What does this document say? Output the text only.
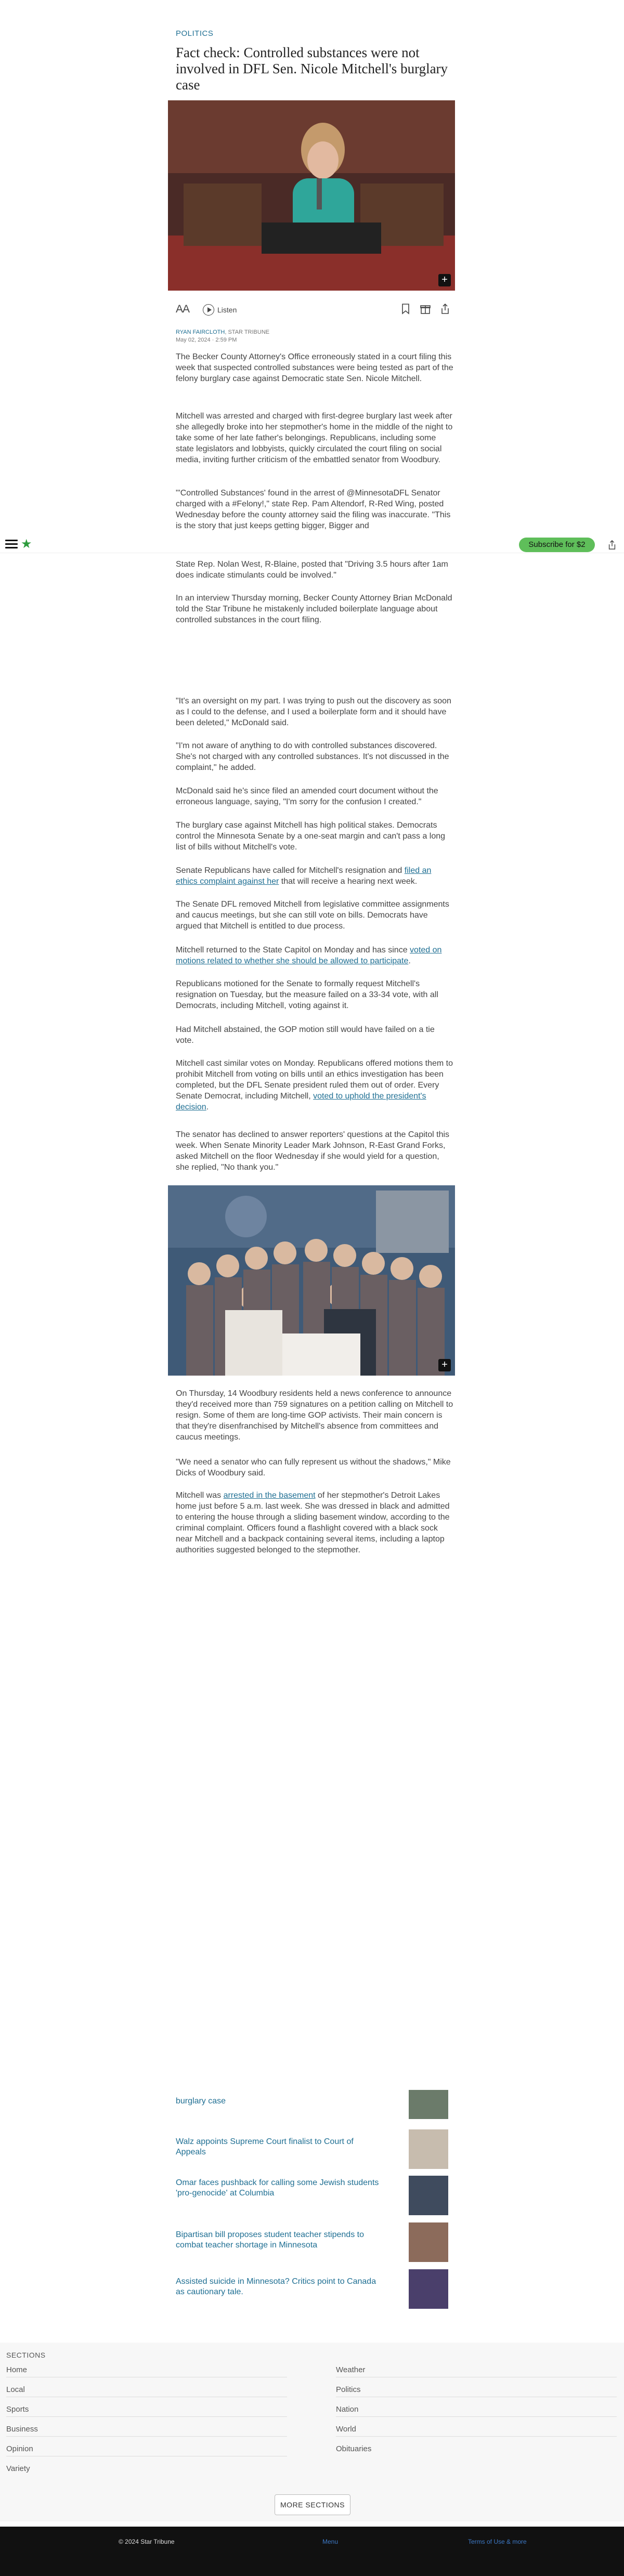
POLITICS
Fact check: Controlled substances were not involved in DFL Sen. Nicole Mitchell's burglary case
+
AA	Listen
RYAN FAIRCLOTH, STAR TRIBUNE
May 02, 2024 · 2:59 PM

The Becker County Attorney's Office erroneously stated in a court filing this week that suspected controlled substances were being tested as part of the felony burglary case against Democratic state Sen. Nicole Mitchell.

Mitchell was arrested and charged with first-degree burglary last week after she allegedly broke into her stepmother's home in the middle of the night to take some of her late father's belongings. Republicans, including some state legislators and lobbyists, quickly circulated the court filing on social media, inviting further criticism of the embattled senator from Woodbury.

"'Controlled Substances' found in the arrest of @MinnesotaDFL Senator charged with a #Felony!," state Rep. Pam Altendorf, R-Red Wing, posted Wednesday before the county attorney said the filing was inaccurate. "This is the story that just keeps getting bigger, Bigger and

★	Subscribe for $2

State Rep. Nolan West, R-Blaine, posted that "Driving 3.5 hours after 1am does indicate stimulants could be involved."

In an interview Thursday morning, Becker County Attorney Brian McDonald told the Star Tribune he mistakenly included boilerplate language about controlled substances in the court filing.

"It's an oversight on my part. I was trying to push out the discovery as soon as I could to the defense, and I used a boilerplate form and it should have been deleted," McDonald said.

"I'm not aware of anything to do with controlled substances discovered. She's not charged with any controlled substances. It's not discussed in the complaint," he added.

McDonald said he's since filed an amended court document without the erroneous language, saying, "I'm sorry for the confusion I created."

The burglary case against Mitchell has high political stakes. Democrats control the Minnesota Senate by a one-seat margin and can't pass a long list of bills without Mitchell's vote.

Senate Republicans have called for Mitchell's resignation and filed an ethics complaint against her that will receive a hearing next week.

The Senate DFL removed Mitchell from legislative committee assignments and caucus meetings, but she can still vote on bills. Democrats have argued that Mitchell is entitled to due process.

Mitchell returned to the State Capitol on Monday and has since voted on motions related to whether she should be allowed to participate.

Republicans motioned for the Senate to formally request Mitchell's resignation on Tuesday, but the measure failed on a 33-34 vote, with all Democrats, including Mitchell, voting against it.

Had Mitchell abstained, the GOP motion still would have failed on a tie vote.

Mitchell cast similar votes on Monday. Republicans offered motions them to prohibit Mitchell from voting on bills until an ethics investigation has been completed, but the DFL Senate president ruled them out of order. Every Senate Democrat, including Mitchell, voted to uphold the president's decision.

The senator has declined to answer reporters' questions at the Capitol this week. When Senate Minority Leader Mark Johnson, R-East Grand Forks, asked Mitchell on the floor Wednesday if she would yield for a question, she replied, "No thank you."

+

On Thursday, 14 Woodbury residents held a news conference to announce they'd received more than 759 signatures on a petition calling on Mitchell to resign. Some of them are long-time GOP activists. Their main concern is that they're disenfranchised by Mitchell's absence from committees and caucus meetings.

"We need a senator who can fully represent us without the shadows," Mike Dicks of Woodbury said.

Mitchell was arrested in the basement of her stepmother's Detroit Lakes home just before 5 a.m. last week. She was dressed in black and admitted to entering the house through a sliding basement window, according to the criminal complaint. Officers found a flashlight covered with a black sock near Mitchell and a backpack containing several items, including a laptop authorities suggested belonged to the stepmother.

burglary case
Walz appoints Supreme Court finalist to Court of Appeals
Omar faces pushback for calling some Jewish students 'pro-genocide' at Columbia
Bipartisan bill proposes student teacher stipends to combat teacher shortage in Minnesota
Assisted suicide in Minnesota? Critics point to Canada as cautionary tale.
SECTIONS
Home
Local
Sports
Business
Opinion
Variety
Weather
Politics
Nation
World
Obituaries
MORE SECTIONS
© 2024 Star Tribune	Menu	Terms of Use & more
